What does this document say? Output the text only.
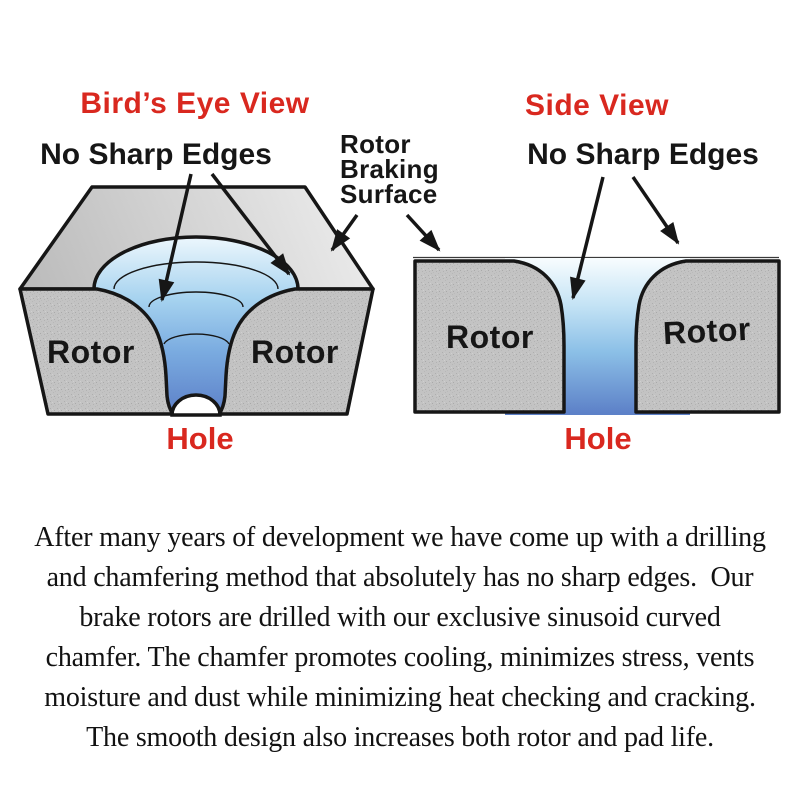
Bird’s Eye View	Side View
No Sharp Edges	No Sharp Edges
Rotor
Braking
Surface
Rotor	Rotor	Rotor	Rotor
Hole	Hole
After many years of development we have come up with a drilling
and chamfering method that absolutely has no sharp edges.  Our
brake rotors are drilled with our exclusive sinusoid curved
chamfer. The chamfer promotes cooling, minimizes stress, vents
moisture and dust while minimizing heat checking and cracking.
The smooth design also increases both rotor and pad life.
